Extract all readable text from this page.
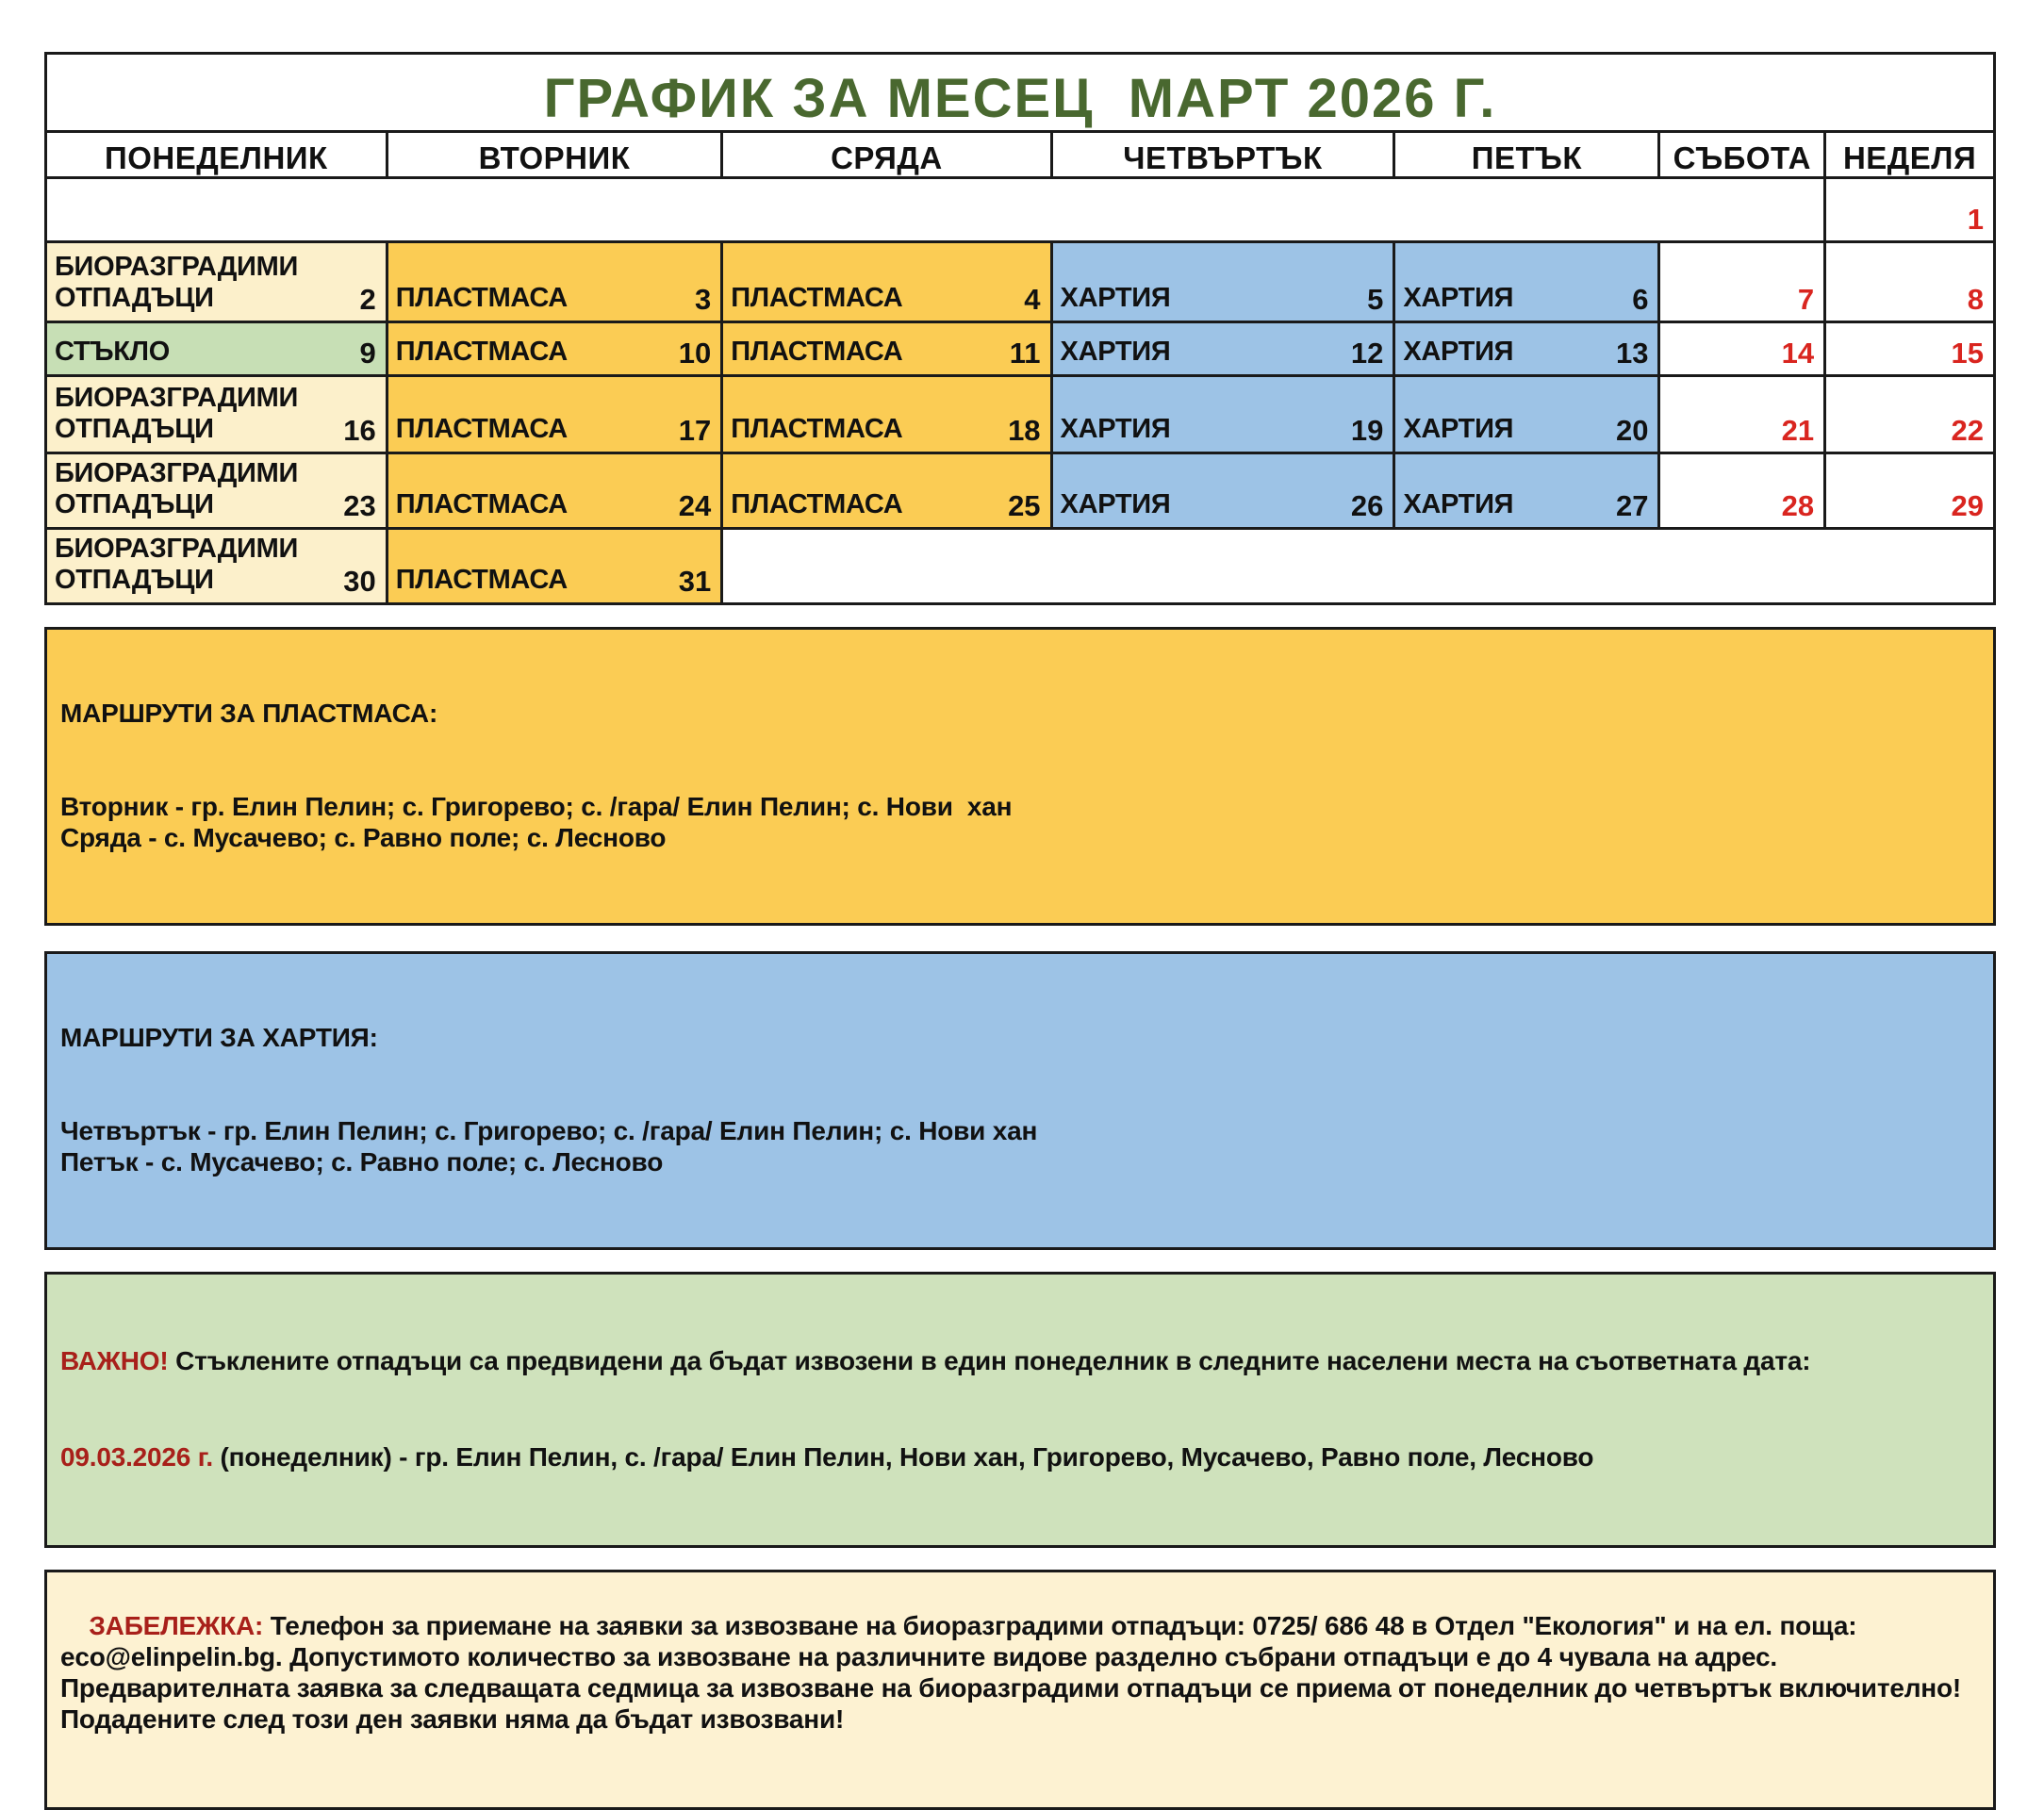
ГРАФИК ЗА МЕСЕЦ  МАРТ 2026 Г.						
ПОНЕДЕЛНИК	ВТОРНИК	СРЯДА	ЧЕТВЪРТЪК	ПЕТЪК	СЪБОТА	НЕДЕЛЯ

						1

БИОРАЗГРАДИМИ ОТПАДЪЦИ	2	ПЛАСТМАСА	3	ПЛАСТМАСА	4	ХАРТИЯ	5	ХАРТИЯ	6	7	8

СТЪКЛО	9	ПЛАСТМАСА	10	ПЛАСТМАСА	11	ХАРТИЯ	12	ХАРТИЯ	13	14	15

БИОРАЗГРАДИМИ ОТПАДЪЦИ	16	ПЛАСТМАСА	17	ПЛАСТМАСА	18	ХАРТИЯ	19	ХАРТИЯ	20	21	22

БИОРАЗГРАДИМИ ОТПАДЪЦИ	23	ПЛАСТМАСА	24	ПЛАСТМАСА	25	ХАРТИЯ	26	ХАРТИЯ	27	28	29

БИОРАЗГРАДИМИ ОТПАДЪЦИ	30	ПЛАСТМАСА	31

МАРШРУТИ ЗА ПЛАСТМАСА:

Вторник - гр. Елин Пелин; с. Григорево; с. /гара/ Елин Пелин; с. Нови  хан
Сряда - с. Мусачево; с. Равно поле; с. Лесново

МАРШРУТИ ЗА ХАРТИЯ:

Четвъртък - гр. Елин Пелин; с. Григорево; с. /гара/ Елин Пелин; с. Нови хан
Петък - с. Мусачево; с. Равно поле; с. Лесново

ВАЖНО! Стъклените отпадъци са предвидени да бъдат извозени в един понеделник в следните населени места на съответната дата:

09.03.2026 г. (понеделник) - гр. Елин Пелин, с. /гара/ Елин Пелин, Нови хан, Григорево, Мусачево, Равно поле, Лесново

ЗАБЕЛЕЖКА: Телефон за приемане на заявки за извозване на биоразградими отпадъци: 0725/ 686 48 в Отдел "Екология" и на ел. поща: eco@elinpelin.bg. Допустимото количество за извозване на различните видове разделно събрани отпадъци е до 4 чувала на адрес. Предварителната заявка за следващата седмица за извозване на биоразградими отпадъци се приема от понеделник до четвъртък включително! Подадените след този ден заявки няма да бъдат извозвани!
